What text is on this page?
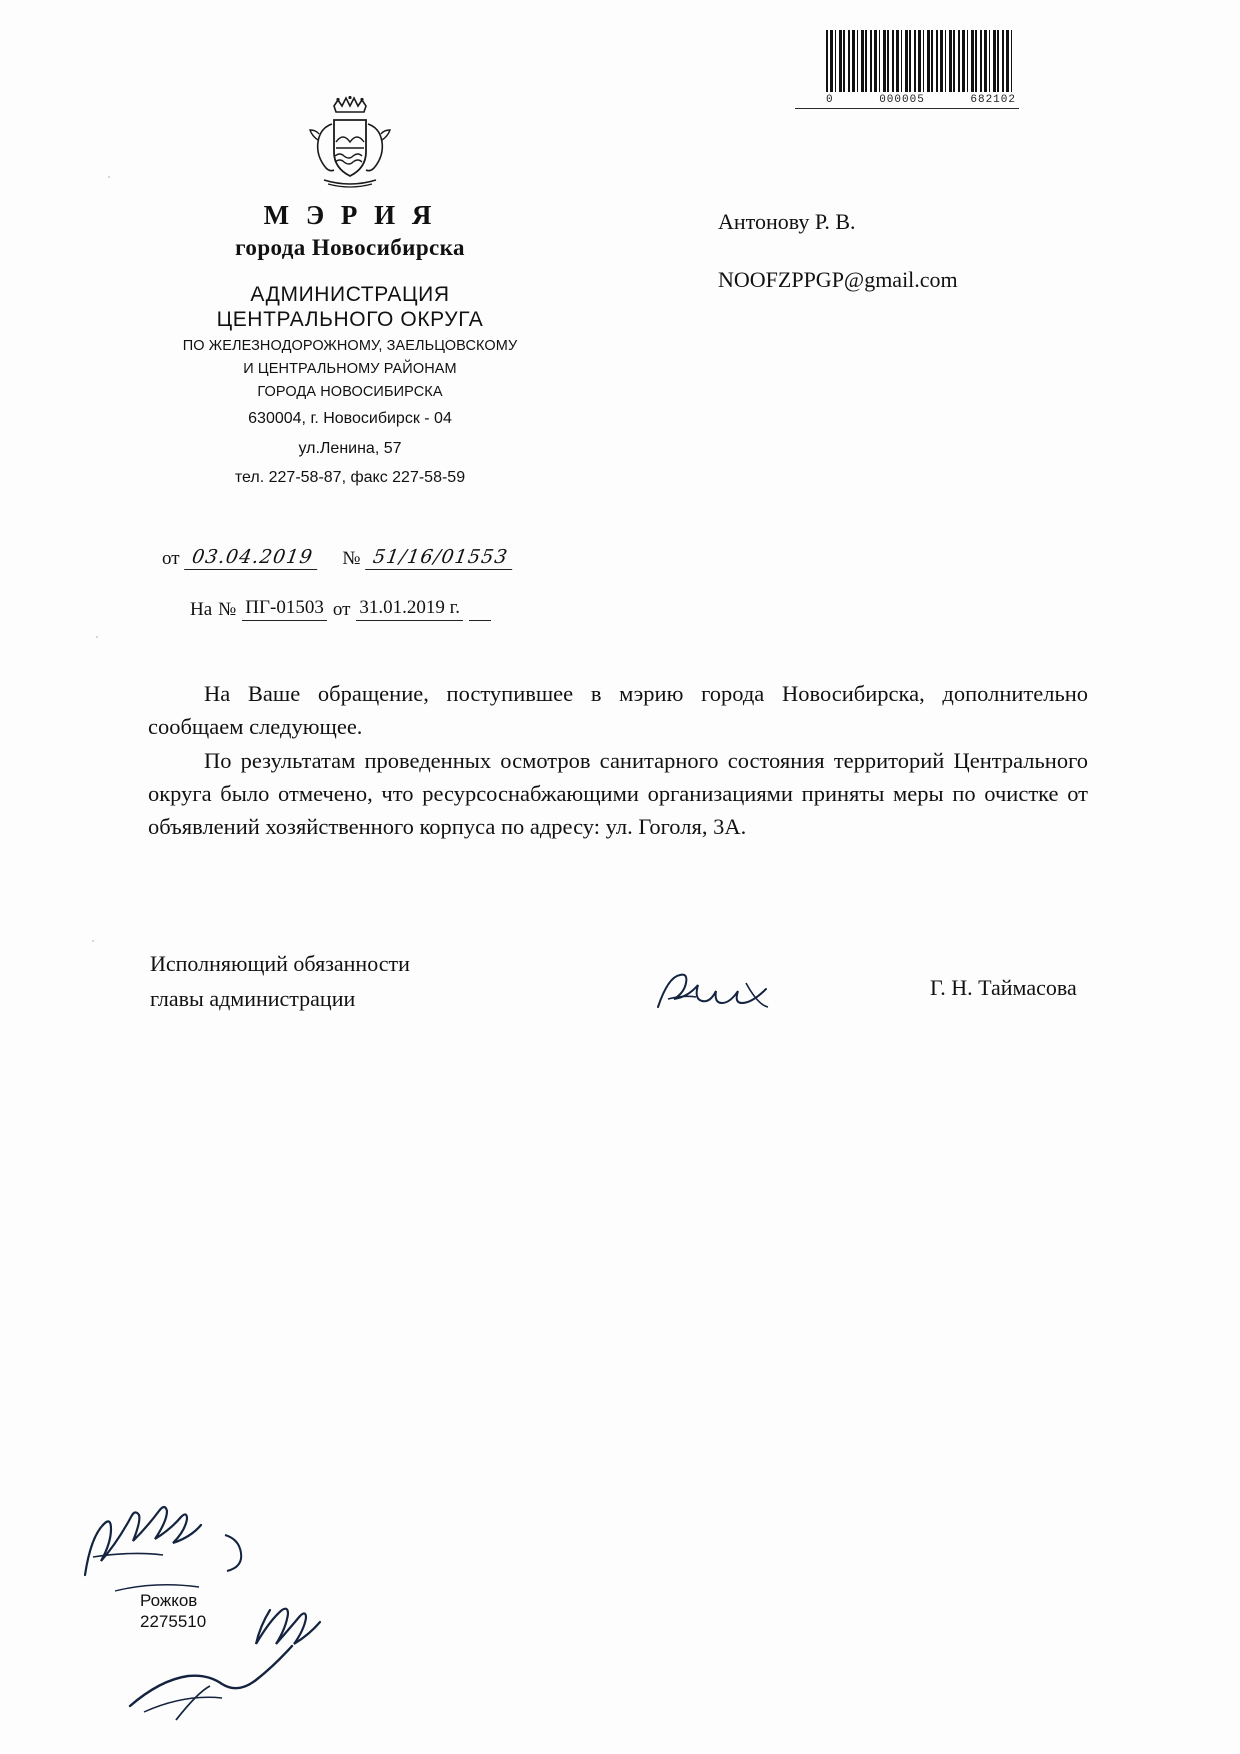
0	000005	682102
М Э Р И Я
города Новосибирска
АДМИНИСТРАЦИЯ
ЦЕНТРАЛЬНОГО ОКРУГА
ПО ЖЕЛЕЗНОДОРОЖНОМУ, ЗАЕЛЬЦОВСКОМУ
И ЦЕНТРАЛЬНОМУ РАЙОНАМ
ГОРОДА НОВОСИБИРСКА
630004, г. Новосибирск - 04
ул.Ленина, 57
тел. 227-58-87, факс 227-58-59
от 03.04.2019	№ 51/16/01553
На № ПГ-01503 от 31.01.2019 г.
Антонову Р. В.
NOOFZPPGP@gmail.com

На Ваше обращение, поступившее в мэрию города Новосибирска, дополнительно сообщаем следующее.

По результатам проведенных осмотров санитарного состояния территорий Центрального округа было отмечено, что ресурсоснабжающими организациями приняты меры по очистке от объявлений хозяйственного корпуса по адресу: ул. Гоголя, 3А.

Исполняющий обязанности
главы администрации	Г. Н. Таймасова
Рожков
2275510
